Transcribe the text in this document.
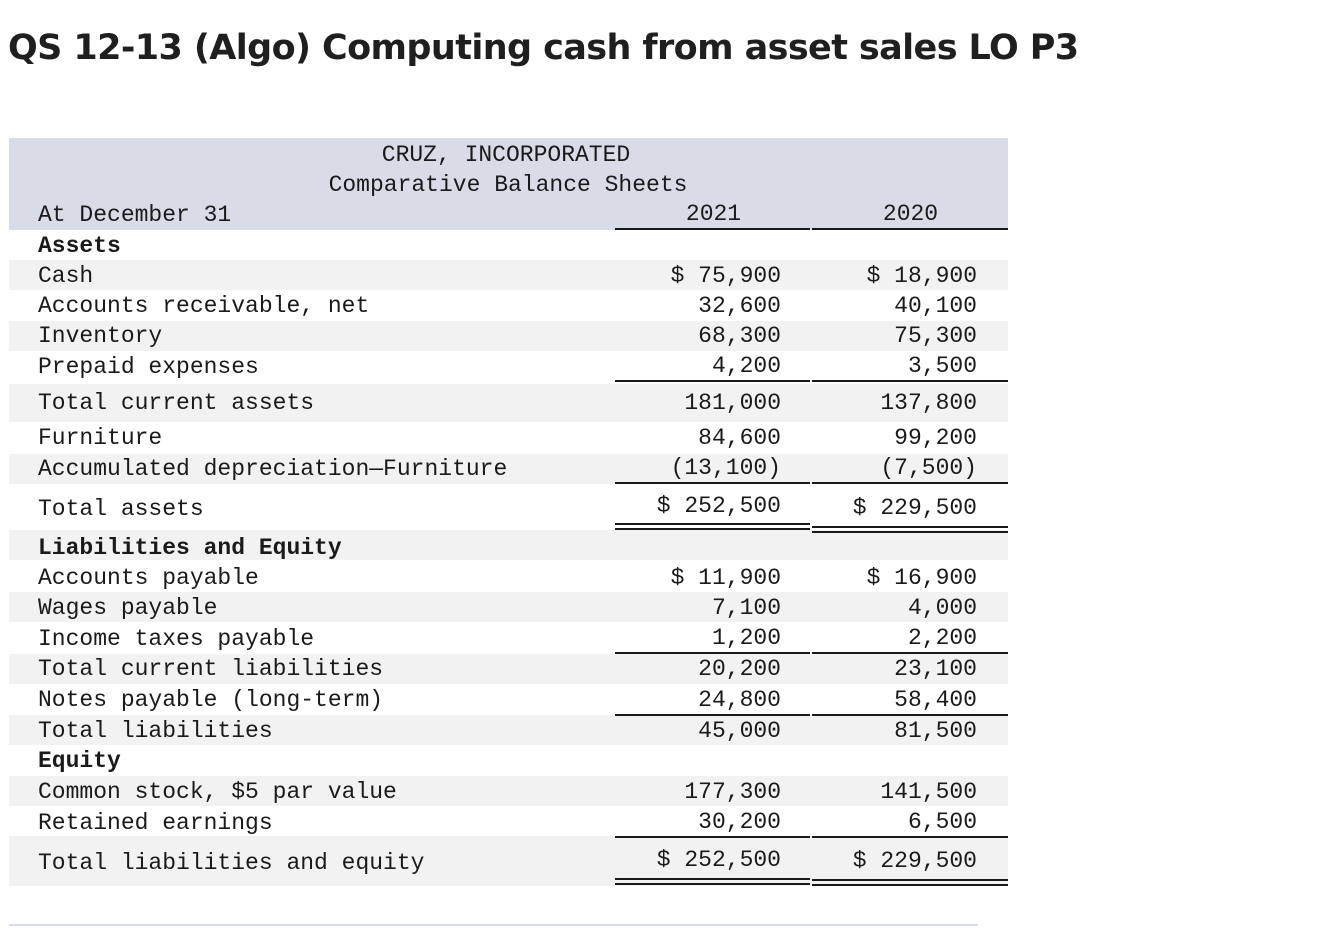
QS 12-13 (Algo) Computing cash from asset sales LO P3
CRUZ, INCORPORATED
Comparative Balance Sheets
At December 31	2021	2020
Assets
Cash	$ 75,900	$ 18,900
Accounts receivable, net	32,600	40,100
Inventory	68,300	75,300
Prepaid expenses	4,200	3,500
Total current assets	181,000	137,800
Furniture	84,600	99,200
Accumulated depreciation—Furniture	(13,100)	(7,500)
Total assets	$ 252,500	$ 229,500
Liabilities and Equity
Accounts payable	$ 11,900	$ 16,900
Wages payable	7,100	4,000
Income taxes payable	1,200	2,200
Total current liabilities	20,200	23,100
Notes payable (long-term)	24,800	58,400
Total liabilities	45,000	81,500
Equity
Common stock, $5 par value	177,300	141,500
Retained earnings	30,200	6,500
Total liabilities and equity	$ 252,500	$ 229,500
